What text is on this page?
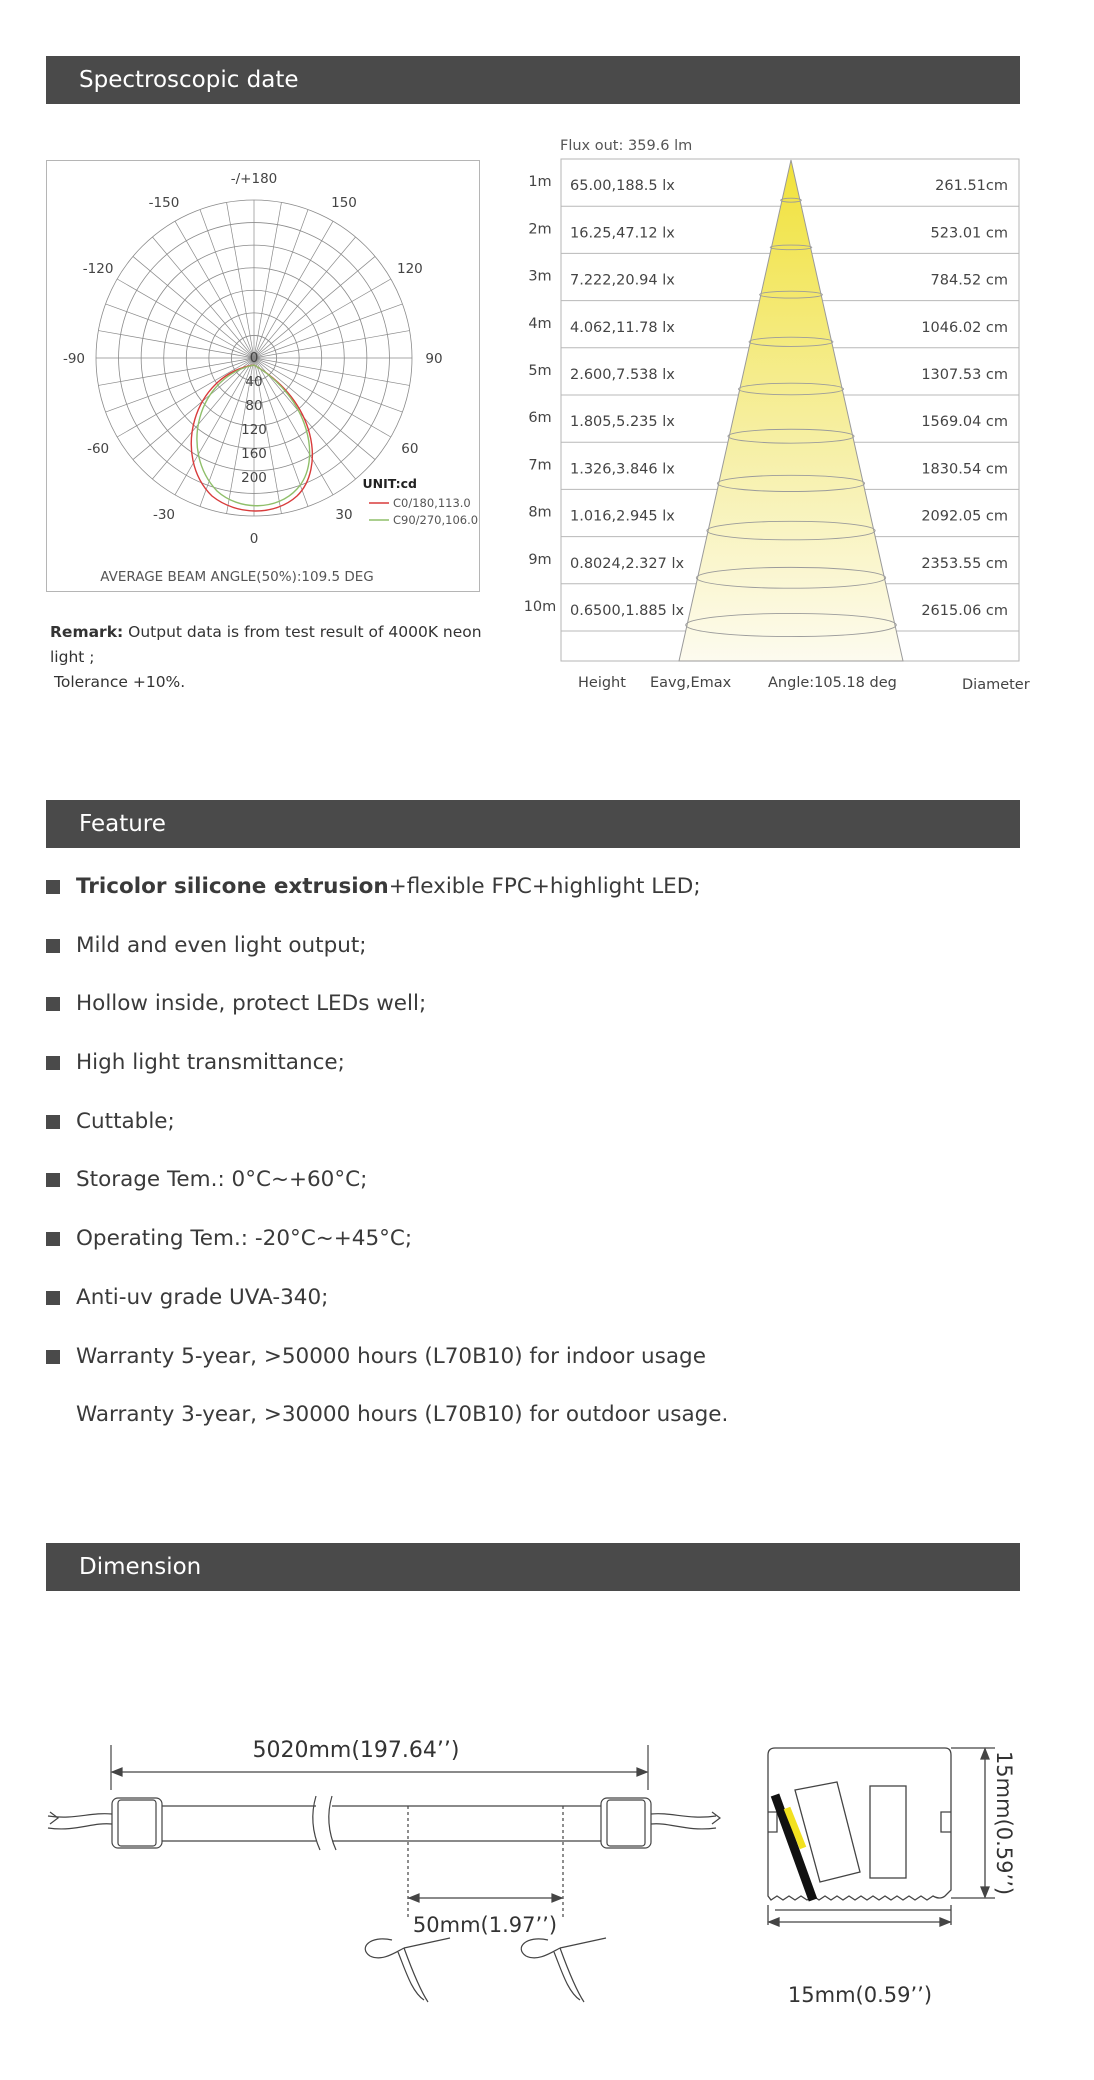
Spectroscopic date
-/+180
150
-150
120
-120
90
-90
60
-60
30
-30
0
0
40
80
120
160
200	UNIT:cd
C0/180,113.0
C90/270,106.0
AVERAGE BEAM ANGLE(50%):109.5 DEG
Remark: Output data is from test result of 4000K neon light ;
Tolerance +10%.
Flux out: 359.6 lm
1m 65.00,188.5 lx	261.51cm
2m 16.25,47.12 lx	523.01 cm
3m 7.222,20.94 lx	784.52 cm
4m 4.062,11.78 lx	1046.02 cm
5m 2.600,7.538 lx	1307.53 cm
6m 1.805,5.235 lx	1569.04 cm
7m 1.326,3.846 lx	1830.54 cm
8m 1.016,2.945 lx	2092.05 cm
9m 0.8024,2.327 lx	2353.55 cm
10m 0.6500,1.885 lx	2615.06 cm
Height Eavg,Emax	Angle:105.18 deg	Diameter
Feature
Tricolor silicone extrusion+flexible FPC+highlight LED;
Mild and even light output;
Hollow inside, protect LEDs well;
High light transmittance;
Cuttable;
Storage Tem.: 0°C~+60°C;
Operating Tem.: -20°C~+45°C;
Anti-uv grade UVA-340;
Warranty 5-year, >50000 hours (L70B10) for indoor usage
Warranty 3-year, >30000 hours (L70B10) for outdoor usage.
Dimension
5020mm(197.64’’)
50mm(1.97’’)
15mm(0.59’’)
15mm(0.59’’)
